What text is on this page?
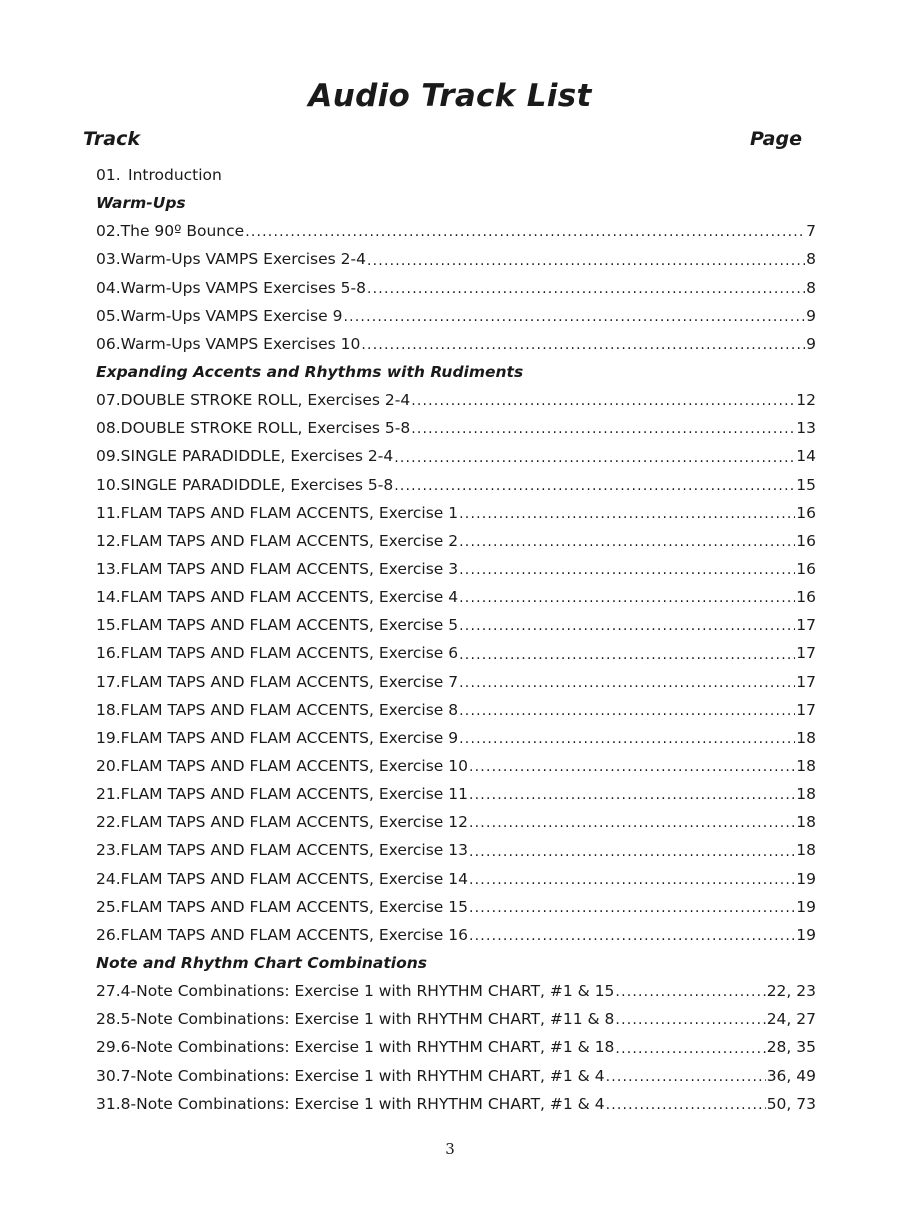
Audio Track List
Track	Page
01. Introduction
Warm-Ups
02. The 90º Bounce .....	7
03. Warm-Ups VAMPS Exercises 2-4 .....	8
04. Warm-Ups VAMPS Exercises 5-8 .....	8
05. Warm-Ups VAMPS Exercise 9 .....	9
06. Warm-Ups VAMPS Exercises 10 .....	9
Expanding Accents and Rhythms with Rudiments
07. DOUBLE STROKE ROLL, Exercises 2-4 .....	12
08. DOUBLE STROKE ROLL, Exercises 5-8 .....	13
09. SINGLE PARADIDDLE, Exercises 2-4 .....	14
10. SINGLE PARADIDDLE, Exercises 5-8 .....	15
11. FLAM TAPS AND FLAM ACCENTS, Exercise 1 .....	16
12. FLAM TAPS AND FLAM ACCENTS, Exercise 2 .....	16
13. FLAM TAPS AND FLAM ACCENTS, Exercise 3 .....	16
14. FLAM TAPS AND FLAM ACCENTS, Exercise 4 .....	16
15. FLAM TAPS AND FLAM ACCENTS, Exercise 5 .....	17
16. FLAM TAPS AND FLAM ACCENTS, Exercise 6 .....	17
17. FLAM TAPS AND FLAM ACCENTS, Exercise 7 .....	17
18. FLAM TAPS AND FLAM ACCENTS, Exercise 8 .....	17
19. FLAM TAPS AND FLAM ACCENTS, Exercise 9 .....	18
20. FLAM TAPS AND FLAM ACCENTS, Exercise 10 .....	18
21. FLAM TAPS AND FLAM ACCENTS, Exercise 11 .....	18
22. FLAM TAPS AND FLAM ACCENTS, Exercise 12 .....	18
23. FLAM TAPS AND FLAM ACCENTS, Exercise 13 .....	18
24. FLAM TAPS AND FLAM ACCENTS, Exercise 14 .....	19
25. FLAM TAPS AND FLAM ACCENTS, Exercise 15 .....	19
26. FLAM TAPS AND FLAM ACCENTS, Exercise 16 .....	19
Note and Rhythm Chart Combinations
27. 4-Note Combinations: Exercise 1 with RHYTHM CHART, #1 & 15 .....	22, 23
28. 5-Note Combinations: Exercise 1 with RHYTHM CHART, #11 & 8 .....	24, 27
29. 6-Note Combinations: Exercise 1 with RHYTHM CHART, #1 & 18 .....	28, 35
30. 7-Note Combinations: Exercise 1 with RHYTHM CHART, #1 & 4 .....	36, 49
31. 8-Note Combinations: Exercise 1 with RHYTHM CHART, #1 & 4 .....	50, 73
3
